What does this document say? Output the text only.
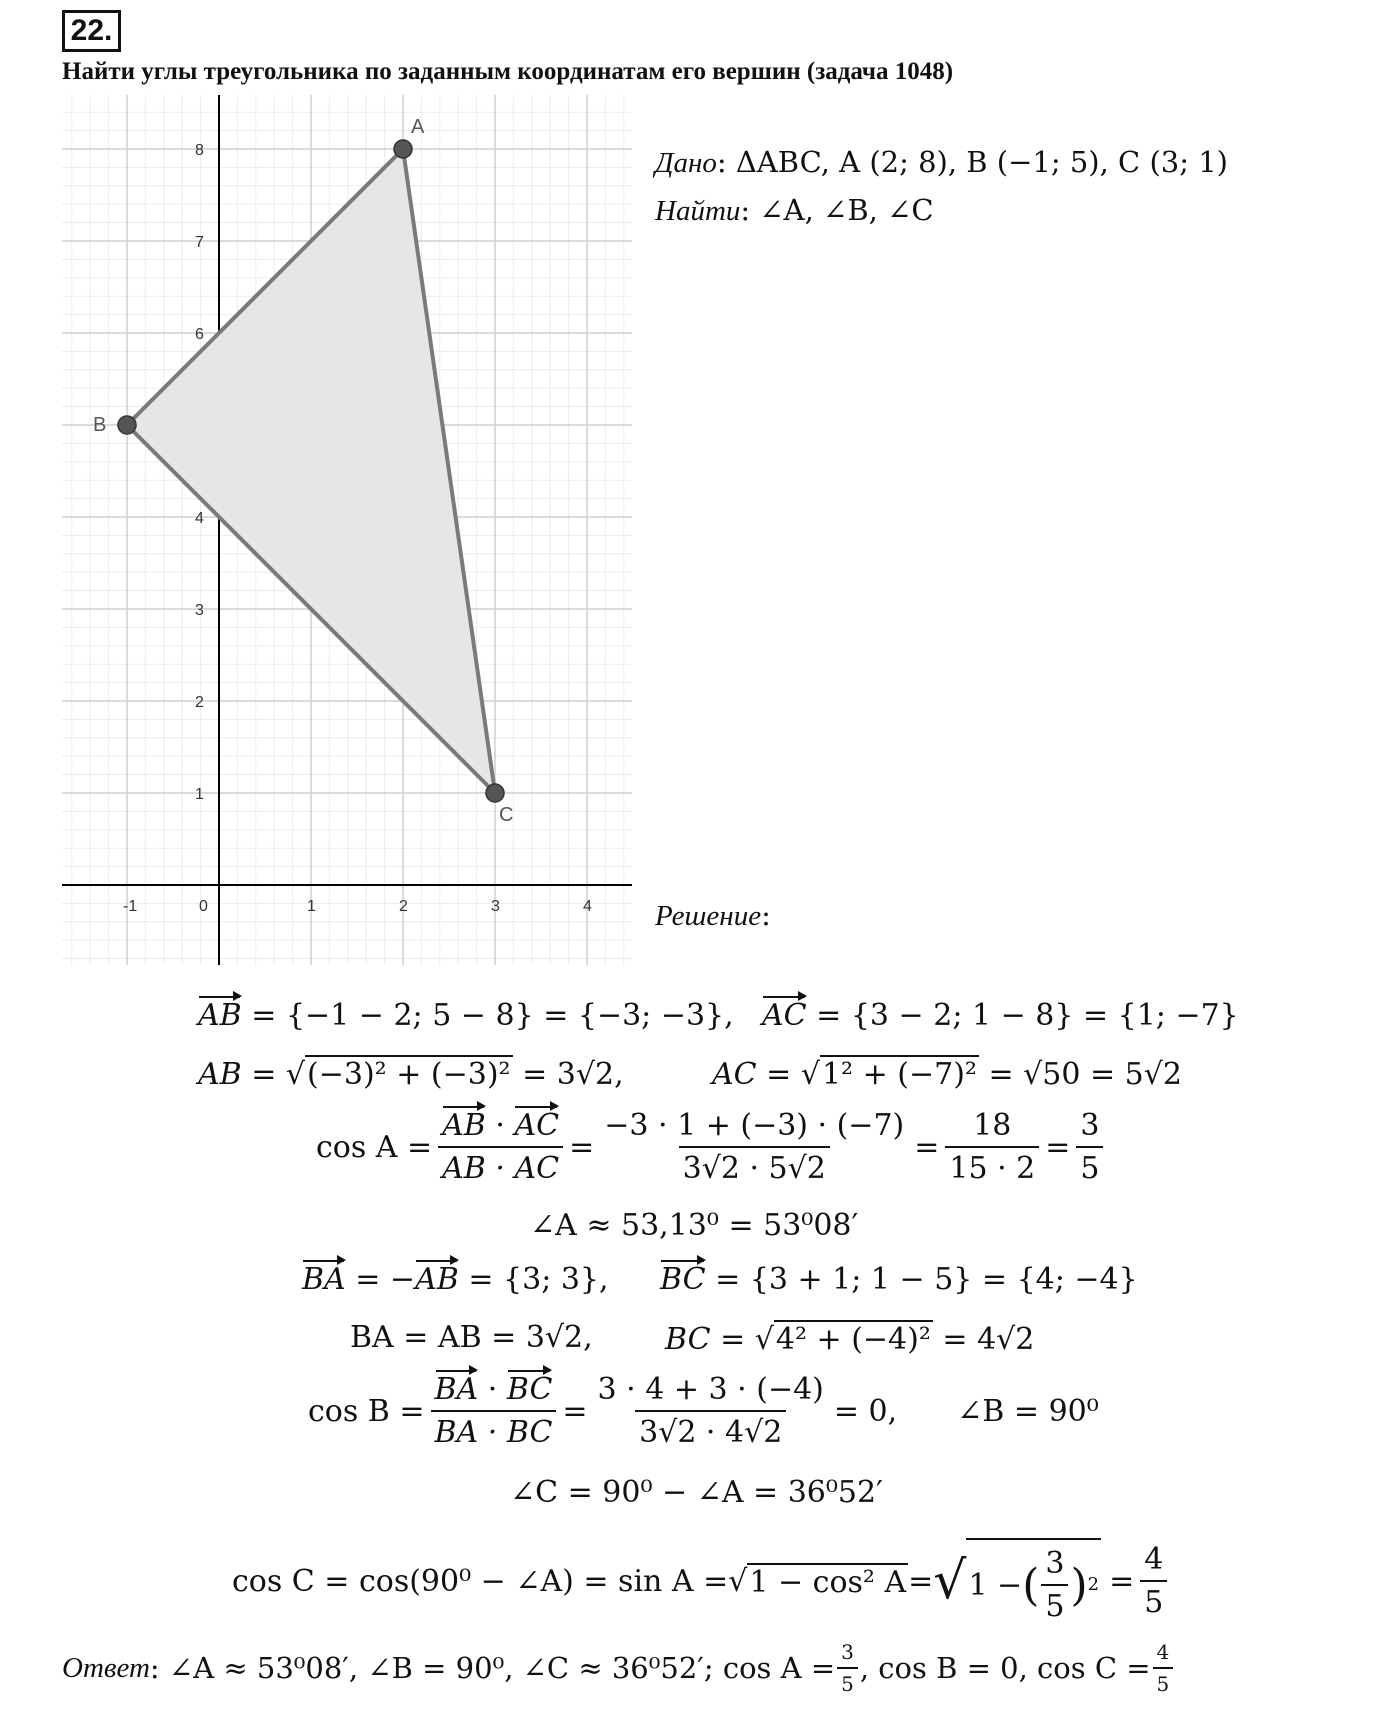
22.
Найти углы треугольника по заданным координатам его вершин (задача 1048)
-1	0	1	2	3	4
1
2
3
4
6
7
8
A
B
C
Дано: ΔABC, A (2; 8), B (−1; 5), C (3; 1)
Найти: ∠A, ∠B, ∠C
Решение:
AB = {−1 − 2; 5 − 8} = {−3; −3}, AC = {3 − 2; 1 − 8} = {1; −7}
AB = √(−3)² + (−3)² = 3√2,	AC = √1² + (−7)² = √50 = 5√2
$\cos A = \frac{AB \cdot AC}{AB \cdot AC} = \frac{-3 \cdot 1 + (-3) \cdot (-7)}{3√2 \cdot 5√2} = \frac{18}{15 \cdot 2} = \frac{3}{5}$
∠A ≈ 53,13⁰ = 53⁰08′
BA = −AB = {3; 3}, BC = {3 + 1; 1 − 5} = {4; −4}
BA = AB = 3√2, BC = √4² + (−4)² = 4√2
$\cos B = \frac{BA \cdot BC}{BA \cdot BC} = \frac{3 \cdot 4 + 3 \cdot (-4)}{3√2 \cdot 4√2} = 0$, ∠B = 90⁰
∠C = 90⁰ − ∠A = 36⁰52′
cos C = cos(90⁰ − ∠A) = sin A = √ 1 − cos² A = √ 1 − ( $\frac{3}{5}$ ) $2 = \frac{4}{5}$
Ответ : ∠A ≈ 53⁰08′, ∠B = 90⁰, ∠C ≈ 36⁰52′; $\cos A = \frac{3}{5}$ , cos B = 0, $\cos C = \frac{4}{5}$
